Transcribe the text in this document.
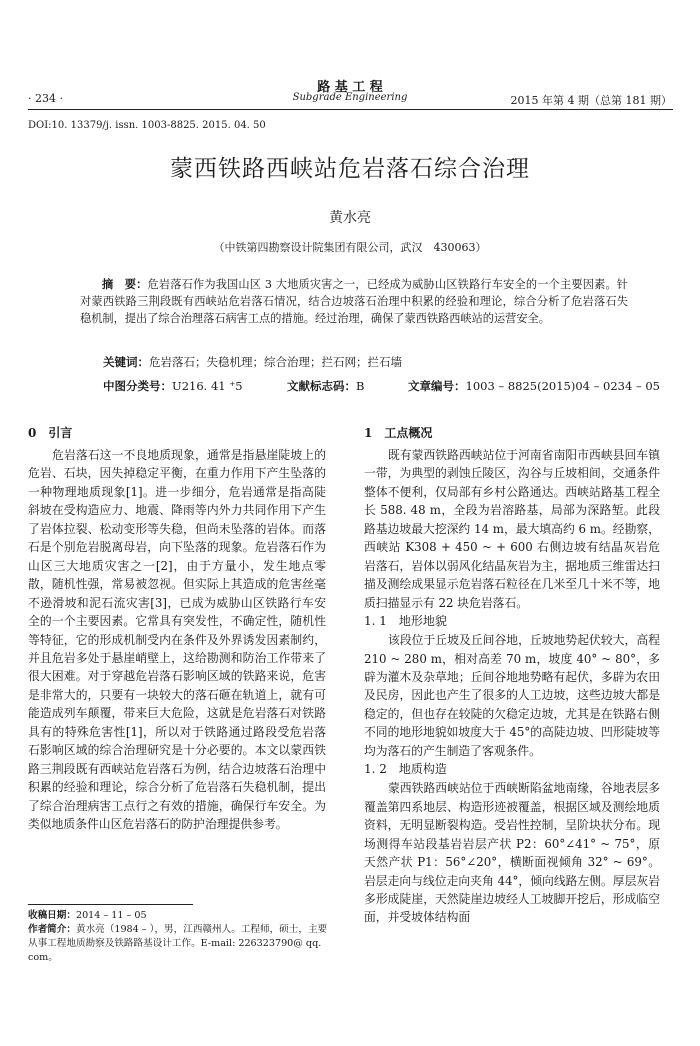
· 234 ·
路 基 工 程
Subgrade Engineering	2015 年第 4 期（总第 181 期）
DOI:10. 13379/j. issn. 1003-8825. 2015. 04. 50
蒙西铁路西峡站危岩落石综合治理
黄水亮
（中铁第四勘察设计院集团有限公司，武汉　430063）
摘　要：危岩落石作为我国山区 3 大地质灾害之一，已经成为威胁山区铁路行车安全的一个主要因素。针对蒙西铁路三荆段既有西峡站危岩落石情况，结合边坡落石治理中积累的经验和理论，综合分析了危岩落石失稳机制，提出了综合治理落石病害工点的措施。经过治理，确保了蒙西铁路西峡站的运营安全。
关键词：危岩落石；失稳机理；综合治理；拦石网；拦石墙
中图分类号：U216. 41 ⁺5	文献标志码：B	文章编号：1003 – 8825(2015)04 – 0234 – 05
0　引言

危岩落石这一不良地质现象，通常是指悬崖陡坡上的危岩、石块，因失掉稳定平衡，在重力作用下产生坠落的一种物理地质现象[1]。进一步细分，危岩通常是指高陡斜坡在受构造应力、地震、降雨等内外力共同作用下产生了岩体拉裂、松动变形等失稳，但尚未坠落的岩体。而落石是个别危岩脱离母岩，向下坠落的现象。危岩落石作为山区三大地质灾害之一[2]，由于方量小，发生地点零散，随机性强，常易被忽视。但实际上其造成的危害丝毫不逊滑坡和泥石流灾害[3]，已成为威胁山区铁路行车安全的一个主要因素。它常具有突发性，不确定性，随机性等特征，它的形成机制受内在条件及外界诱发因素制约，并且危岩多处于悬崖峭壁上，这给勘测和防治工作带来了很大困难。对于穿越危岩落石影响区域的铁路来说，危害是非常大的，只要有一块较大的落石砸在轨道上，就有可能造成列车颠覆，带来巨大危险，这就是危岩落石对铁路具有的特殊危害性[1]，所以对于铁路通过路段受危岩落石影响区域的综合治理研究是十分必要的。本文以蒙西铁路三荆段既有西峡站危岩落石为例，结合边坡落石治理中积累的经验和理论，综合分析了危岩落石失稳机制，提出了综合治理病害工点行之有效的措施，确保行车安全。为类似地质条件山区危岩落石的防护治理提供参考。

收稿日期：2014 – 11 – 05
作者简介：黄水亮（1984 – ），男，江西赣州人。工程师，硕士，主要从事工程地质勘察及铁路路基设计工作。E-mail: 226323790@ qq. com。
1　工点概况

既有蒙西铁路西峡站位于河南省南阳市西峡县回车镇一带，为典型的剥蚀丘陵区，沟谷与丘坡相间，交通条件整体不便利，仅局部有乡村公路通达。西峡站路基工程全长 588. 48 m，全段为岩溶路基，局部为深路堑。此段路基边坡最大挖深约 14 m，最大填高约 6 m。经勘察，西峡站 K308 + 450 ~ + 600 右侧边坡有结晶灰岩危岩落石，岩体以弱风化结晶灰岩为主，据地质三维雷达扫描及测绘成果显示危岩落石粒径在几米至几十米不等，地质扫描显示有 22 块危岩落石。

1. 1　地形地貌

该段位于丘坡及丘间谷地，丘坡地势起伏较大，高程 210 ~ 280 m，相对高差 70 m，坡度 40° ~ 80°，多辟为灌木及杂草地；丘间谷地地势略有起伏，多辟为农田及民房，因此也产生了很多的人工边坡，这些边坡大都是稳定的，但也存在较陡的欠稳定边坡，尤其是在铁路右侧不同的地形地貌如坡度大于 45°的高陡边坡、凹形陡坡等均为落石的产生制造了客观条件。

1. 2　地质构造

蒙西铁路西峡站位于西峡断陷盆地南缘，谷地表层多覆盖第四系地层、构造形迹被覆盖，根据区域及测绘地质资料，无明显断裂构造。受岩性控制，呈阶块状分布。现场测得车站段基岩岩层产状 P2：60°∠41° ~ 75°，原天然产状 P1：56°∠20°，横断面视倾角 32° ~ 69°。岩层走向与线位走向夹角 44°，倾向线路左侧。厚层灰岩多形成陡崖，天然陡崖边坡经人工坡脚开挖后，形成临空面，并受坡体结构面
